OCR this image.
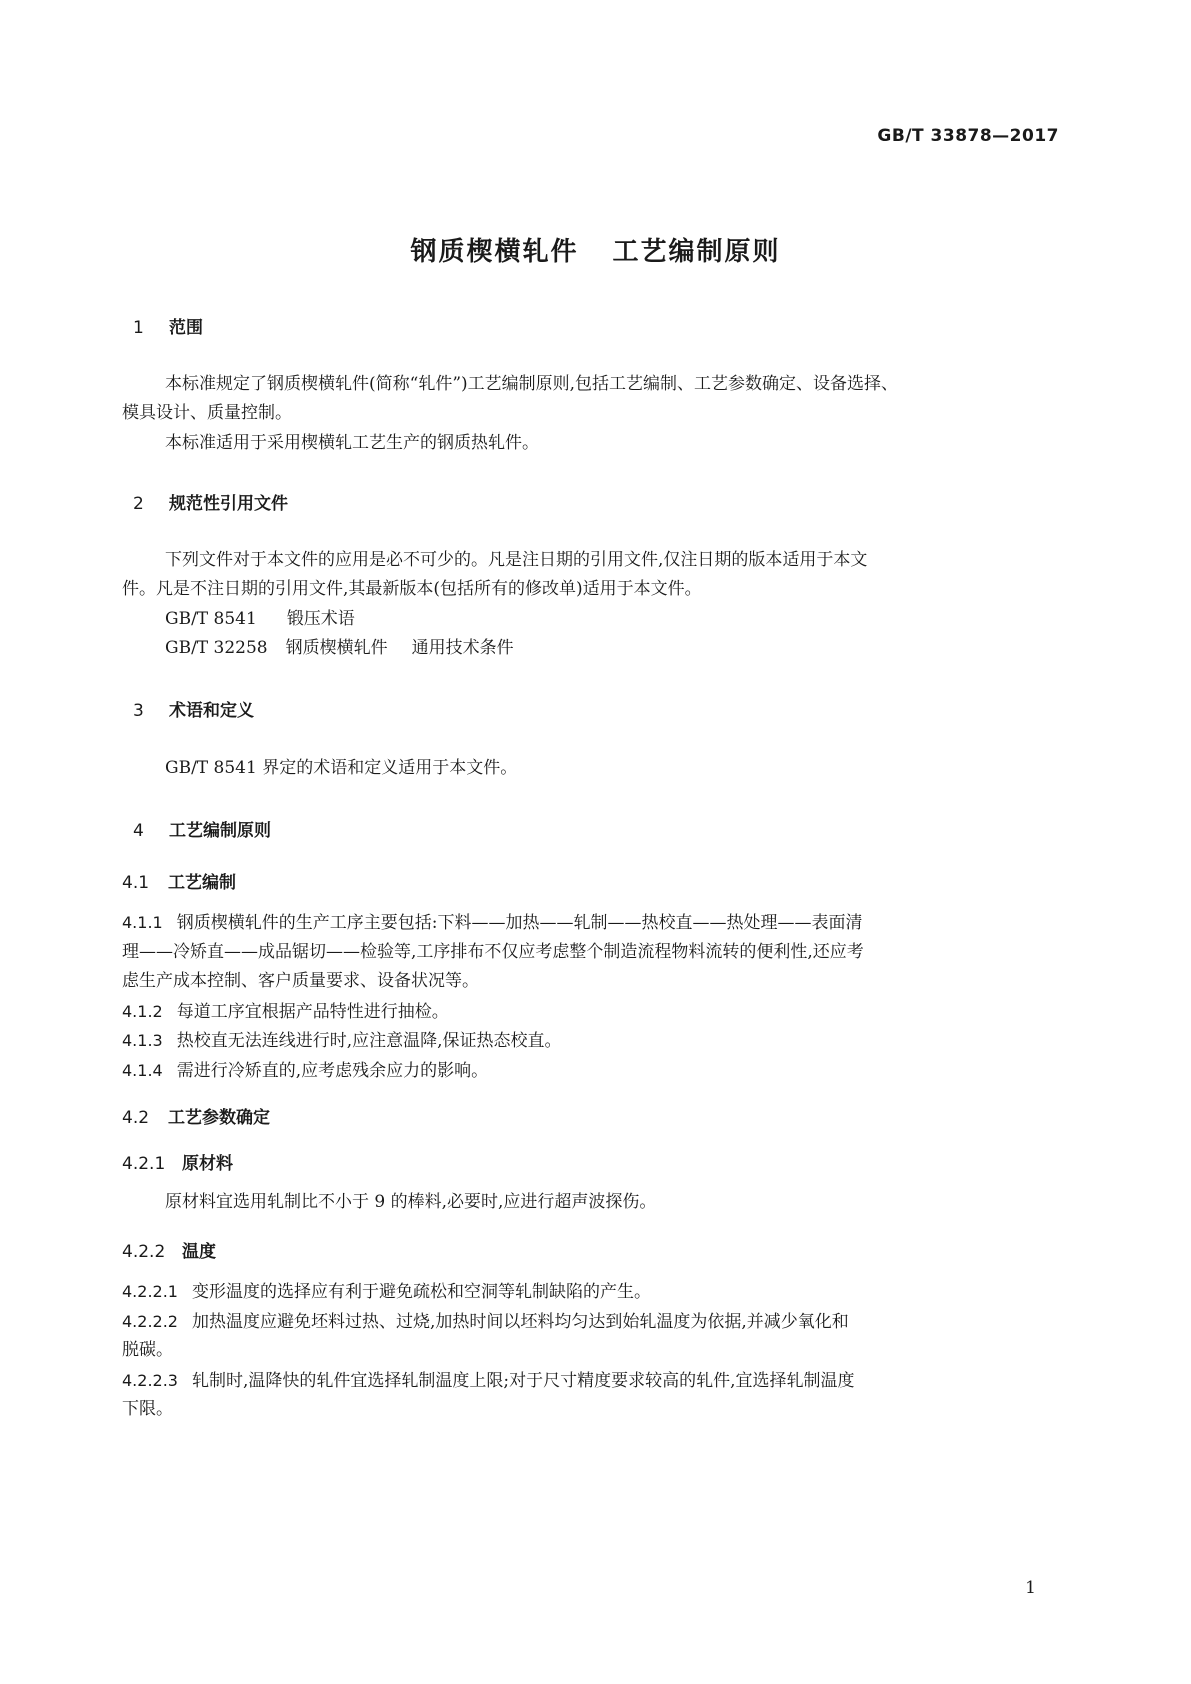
GB/T 33878—2017
钢质楔横轧件 工艺编制原则
1 范围
本标准规定了钢质楔横轧件(简称“轧件”)工艺编制原则,包括工艺编制、工艺参数确定、设备选择、
模具设计、质量控制。
本标准适用于采用楔横轧工艺生产的钢质热轧件。
2 规范性引用文件
下列文件对于本文件的应用是必不可少的。凡是注日期的引用文件,仅注日期的版本适用于本文
件。凡是不注日期的引用文件,其最新版本(包括所有的修改单)适用于本文件。
GB/T 8541 锻压术语
GB/T 32258 钢质楔横轧件 通用技术条件
3 术语和定义
GB/T 8541 界定的术语和定义适用于本文件。
4 工艺编制原则
4.1 工艺编制
4.1.1 钢质楔横轧件的生产工序主要包括:下料——加热——轧制——热校直——热处理——表面清
理——冷矫直——成品锯切——检验等,工序排布不仅应考虑整个制造流程物料流转的便利性,还应考
虑生产成本控制、客户质量要求、设备状况等。
4.1.2 每道工序宜根据产品特性进行抽检。
4.1.3 热校直无法连线进行时,应注意温降,保证热态校直。
4.1.4 需进行冷矫直的,应考虑残余应力的影响。
4.2 工艺参数确定
4.2.1 原材料
原材料宜选用轧制比不小于 9 的棒料,必要时,应进行超声波探伤。
4.2.2 温度
4.2.2.1 变形温度的选择应有利于避免疏松和空洞等轧制缺陷的产生。
4.2.2.2 加热温度应避免坯料过热、过烧,加热时间以坯料均匀达到始轧温度为依据,并减少氧化和
脱碳。
4.2.2.3 轧制时,温降快的轧件宜选择轧制温度上限;对于尺寸精度要求较高的轧件,宜选择轧制温度
下限。
1
